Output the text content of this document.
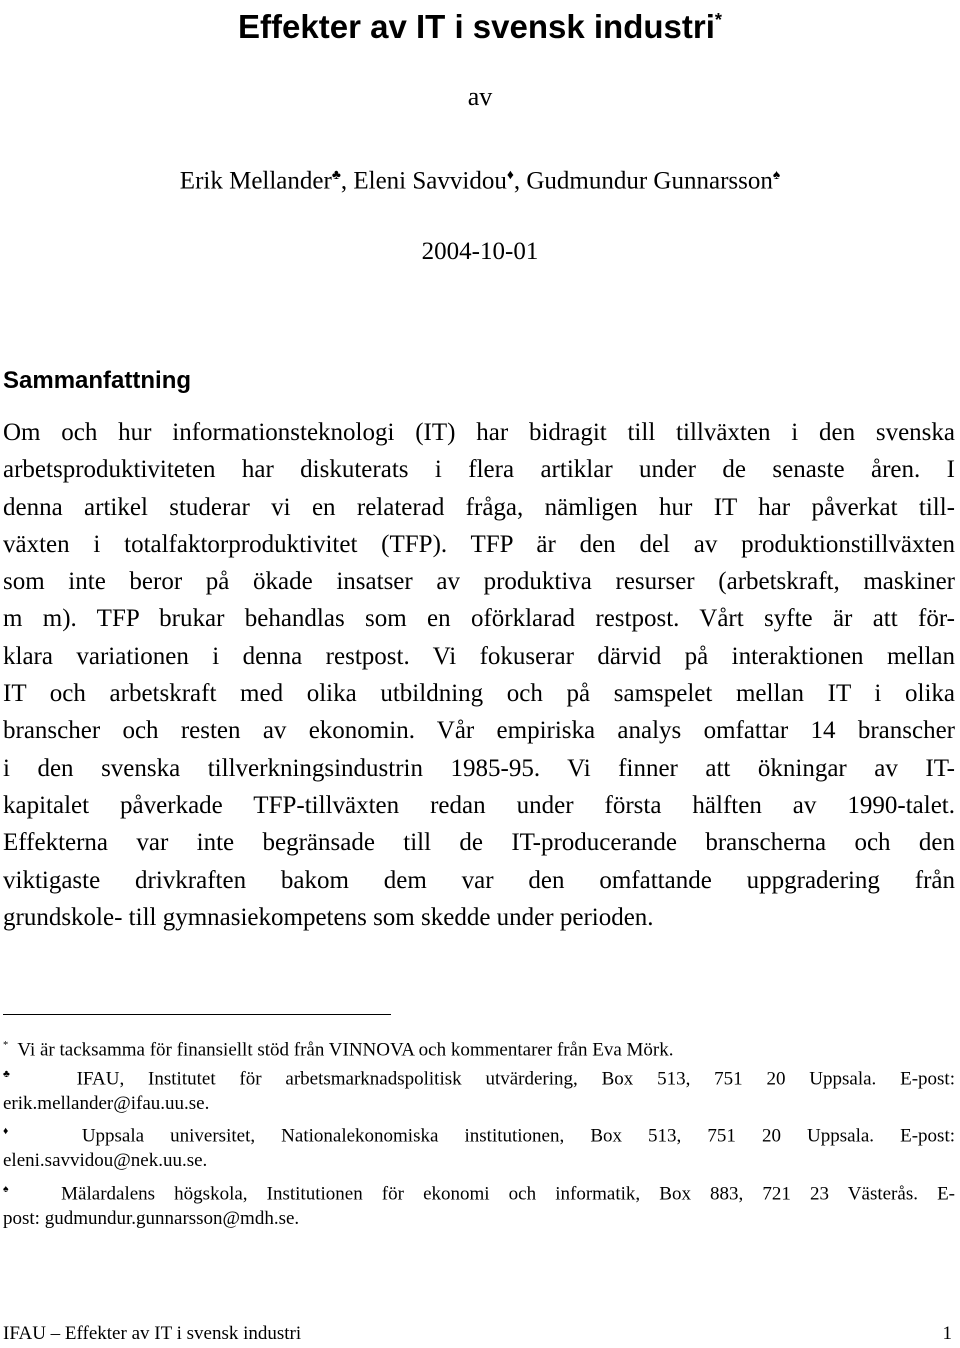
Effekter av IT i svensk industri*
av
Erik Mellander♣, Eleni Savvidou♦, Gudmundur Gunnarsson♠
2004-10-01
Sammanfattning
Om och hur informationsteknologi (IT) har bidragit till tillväxten i den svenska
arbetsproduktiviteten har diskuterats i flera artiklar under de senaste åren. I
denna artikel studerar vi en relaterad fråga, nämligen hur IT har påverkat till-
växten i totalfaktorproduktivitet (TFP). TFP är den del av produktionstillväxten
som inte beror på ökade insatser av produktiva resurser (arbetskraft, maskiner
m m). TFP brukar behandlas som en oförklarad restpost. Vårt syfte är att för-
klara variationen i denna restpost. Vi fokuserar därvid på interaktionen mellan
IT och arbetskraft med olika utbildning och på samspelet mellan IT i olika
branscher och resten av ekonomin. Vår empiriska analys omfattar 14 branscher
i den svenska tillverkningsindustrin 1985-95. Vi finner att ökningar av IT-
kapitalet påverkade TFP-tillväxten redan under första hälften av 1990-talet.
Effekterna var inte begränsade till de IT-producerande branscherna och den
viktigaste drivkraften bakom dem var den omfattande uppgradering från
grundskole- till gymnasiekompetens som skedde under perioden.
* Vi är tacksamma för finansiellt stöd från VINNOVA och kommentarer från Eva Mörk.
♣	IFAU, Institutet för arbetsmarknadspolitisk utvärdering, Box 513, 751 20 Uppsala. E-post:
erik.mellander@ifau.uu.se.
♦	Uppsala universitet, Nationalekonomiska institutionen, Box 513, 751 20 Uppsala. E-post:
eleni.savvidou@nek.uu.se.
♠ Mälardalens högskola, Institutionen för ekonomi och informatik, Box 883, 721 23 Västerås. E-
post: gudmundur.gunnarsson@mdh.se.
IFAU – Effekter av IT i svensk industri	1
